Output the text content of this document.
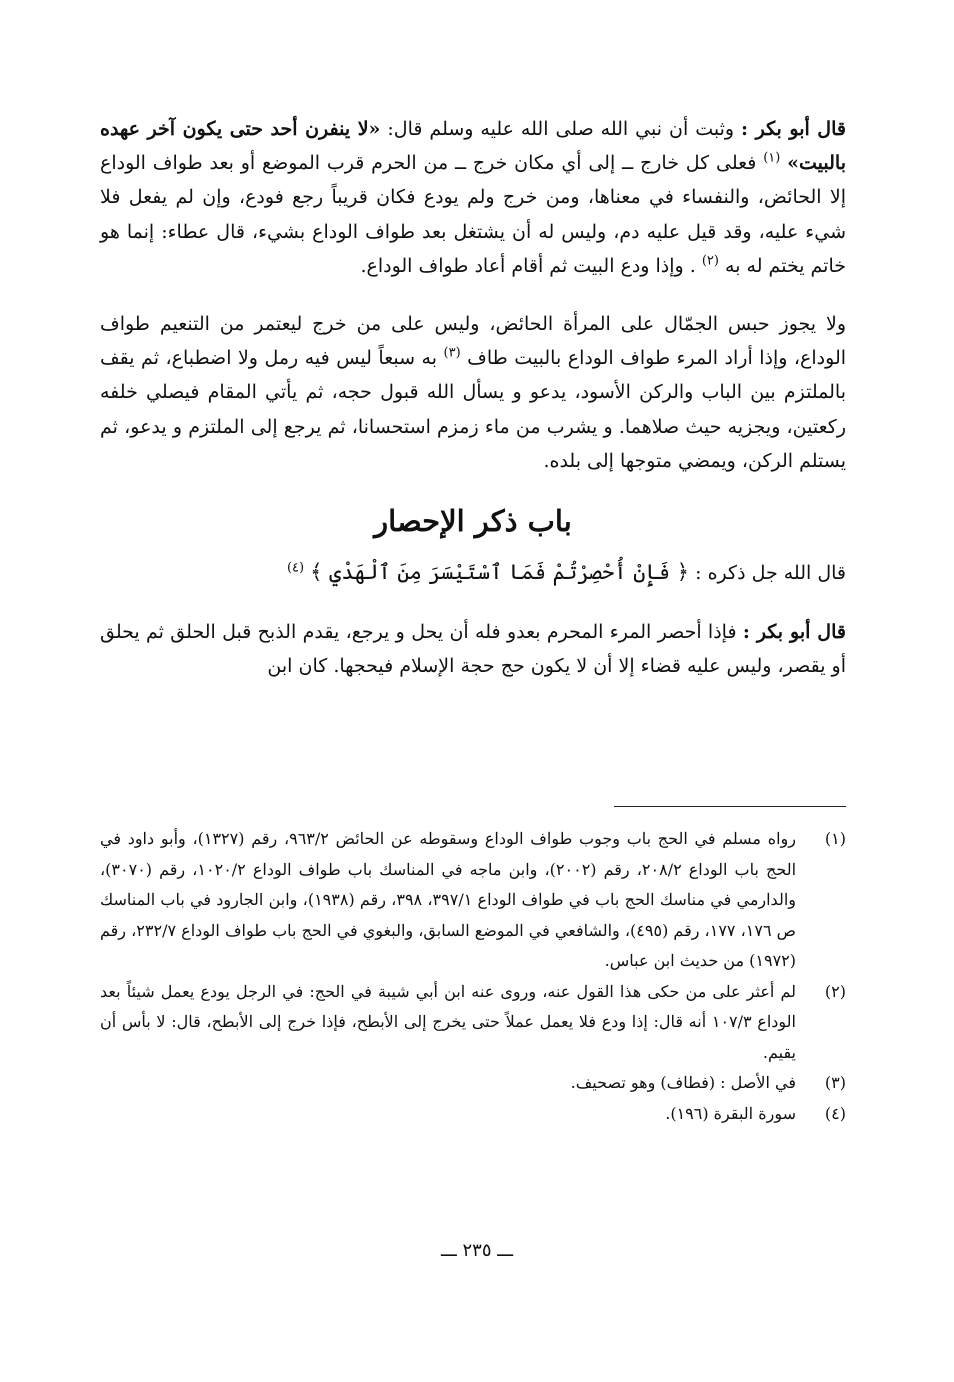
قال أبو بكر : وثبت أن نبي الله صلى الله عليه وسلم قال: «لا ينفرن أحد حتى يكون آخر عهده بالبيت» $^{(١)}$ فعلى كل خارج ــ إلى أي مكان خرج ــ من الحرم قرب الموضع أو بعد طواف الوداع إلا الحائض، والنفساء في معناها، ومن خرج ولم يودع فكان قريباً رجع فودع، وإن لم يفعل فلا شيء عليه، وقد قيل عليه دم، وليس له أن يشتغل بعد طواف الوداع بشيء، قال عطاء: إنما هو خاتم يختم له به $^{(٢)}$ . وإذا ودع البيت ثم أقام أعاد طواف الوداع.

ولا يجوز حبس الجمّال على المرأة الحائض، وليس على من خرج ليعتمر من التنعيم طواف الوداع، وإذا أراد المرء طواف الوداع بالبيت طاف $^{(٣)}$ به سبعاً ليس فيه رمل ولا اضطباع، ثم يقف بالملتزم بين الباب والركن الأسود، يدعو و يسأل الله قبول حجه، ثم يأتي المقام فيصلي خلفه ركعتين، ويجزيه حيث صلاهما. و يشرب من ماء زمزم استحسانا، ثم يرجع إلى الملتزم و يدعو، ثم يستلم الركن، ويمضي متوجها إلى بلده.

باب ذكر الإحصار

قال الله جل ذكره : ﴿ فَإِنْ أُحْصِرْتُمْ فَمَا ٱسْتَيْسَرَ مِنَ ٱلْهَدْيِ ﴾ $^{(٤)}$

قال أبو بكر : فإذا أحصر المرء المحرم بعدو فله أن يحل و يرجع، يقدم الذبح قبل الحلق ثم يحلق أو يقصر، وليس عليه قضاء إلا أن لا يكون حج حجة الإسلام فيحجها. كان ابن

(١)
رواه مسلم في الحج باب وجوب طواف الوداع وسقوطه عن الحائض ٩٦٣/٢، رقم (١٣٢٧)، وأبو داود في الحج باب الوداع ٢٠٨/٢، رقم (٢٠٠٢)، وابن ماجه في المناسك باب طواف الوداع ١٠٢٠/٢، رقم (٣٠٧٠)، والدارمي في مناسك الحج باب في طواف الوداع ٣٩٧/١، ٣٩٨، رقم (١٩٣٨)، وابن الجارود في باب المناسك ص ١٧٦، ١٧٧، رقم (٤٩٥)، والشافعي في الموضع السابق، والبغوي في الحج باب طواف الوداع ٢٣٢/٧، رقم (١٩٧٢) من حديث ابن عباس.
(٢)
لم أعثر على من حكى هذا القول عنه، وروى عنه ابن أبي شيبة في الحج: في الرجل يودع يعمل شيئاً بعد الوداع ١٠٧/٣ أنه قال: إذا ودع فلا يعمل عملاً حتى يخرج إلى الأبطح، فإذا خرج إلى الأبطح، قال: لا بأس أن يقيم.
(٣)
في الأصل : (فطاف) وهو تصحيف.
(٤)
سورة البقرة (١٩٦).
ـــ ٢٣٥ ـــ
